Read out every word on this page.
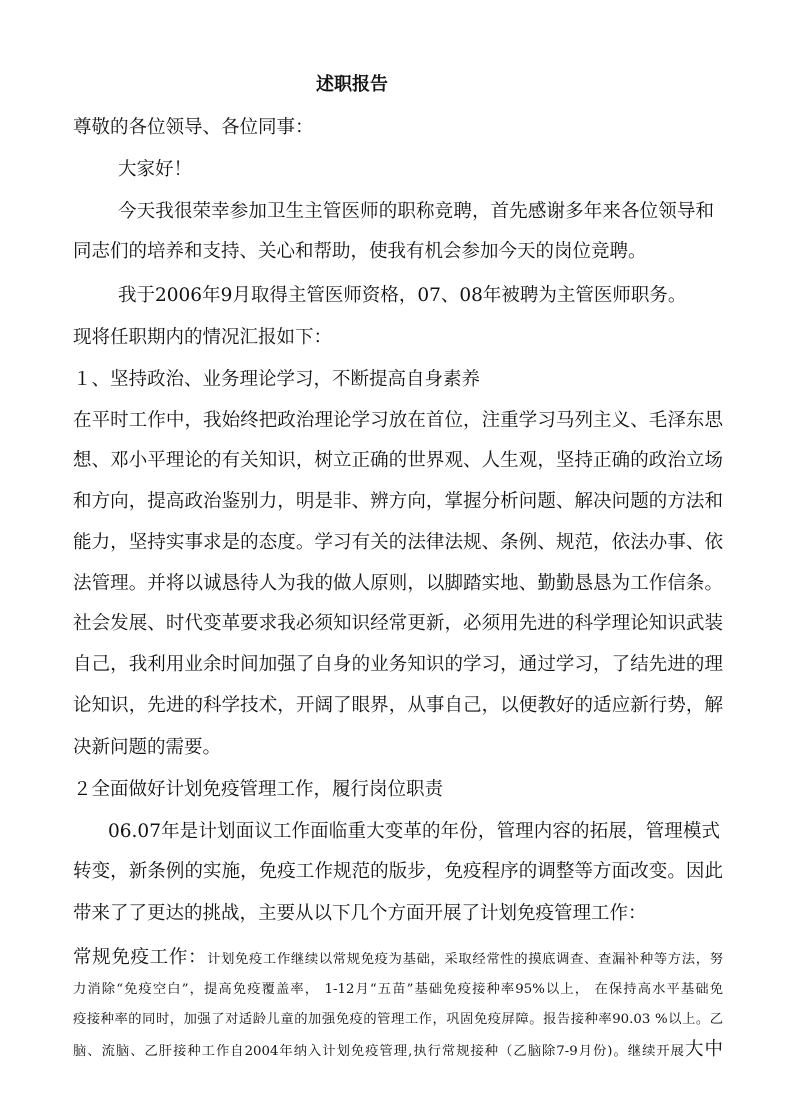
述职报告

尊敬的各位领导、各位同事：

大家好！

今天我很荣幸参加卫生主管医师的职称竞聘，首先感谢多年来各位领导和

同志们的培养和支持、关心和帮助，使我有机会参加今天的岗位竞聘。

我于2006年9月取得主管医师资格，07、08年被聘为主管医师职务。

现将任职期内的情况汇报如下：

１、坚持政治、业务理论学习，不断提高自身素养

在平时工作中，我始终把政治理论学习放在首位，注重学习马列主义、毛泽东思

想、邓小平理论的有关知识，树立正确的世界观、人生观，坚持正确的政治立场

和方向，提高政治鉴别力，明是非、辨方向，掌握分析问题、解决问题的方法和

能力，坚持实事求是的态度。学习有关的法律法规、条例、规范，依法办事、依

法管理。并将以诚恳待人为我的做人原则，以脚踏实地、勤勤恳恳为工作信条。

社会发展、时代变革要求我必须知识经常更新，必须用先进的科学理论知识武装

自己，我利用业余时间加强了自身的业务知识的学习，通过学习，了结先进的理

论知识，先进的科学技术，开阔了眼界，从事自己，以便教好的适应新行势，解

决新问题的需要。

２全面做好计划免疫管理工作，履行岗位职责

06.07年是计划面议工作面临重大变革的年份，管理内容的拓展，管理模式

转变，新条例的实施，免疫工作规范的版步，免疫程序的调整等方面改变。因此

带来了了更达的挑战，主要从以下几个方面开展了计划免疫管理工作：

常规免疫工作：计划免疫工作继续以常规免疫为基础，采取经常性的摸底调查、查漏补种等方法，努

力消除“免疫空白”，提高免疫覆盖率， 1-12月“五苗”基础免疫接种率95%以上， 在保持高水平基础免

疫接种率的同时，加强了对适龄儿童的加强免疫的管理工作，巩固免疫屏障。报告接种率90.03 %以上。乙

脑、流脑、乙肝接种工作自2004年纳入计划免疫管理,执行常规接种（乙脑除7-9月份)。继续开展大中
